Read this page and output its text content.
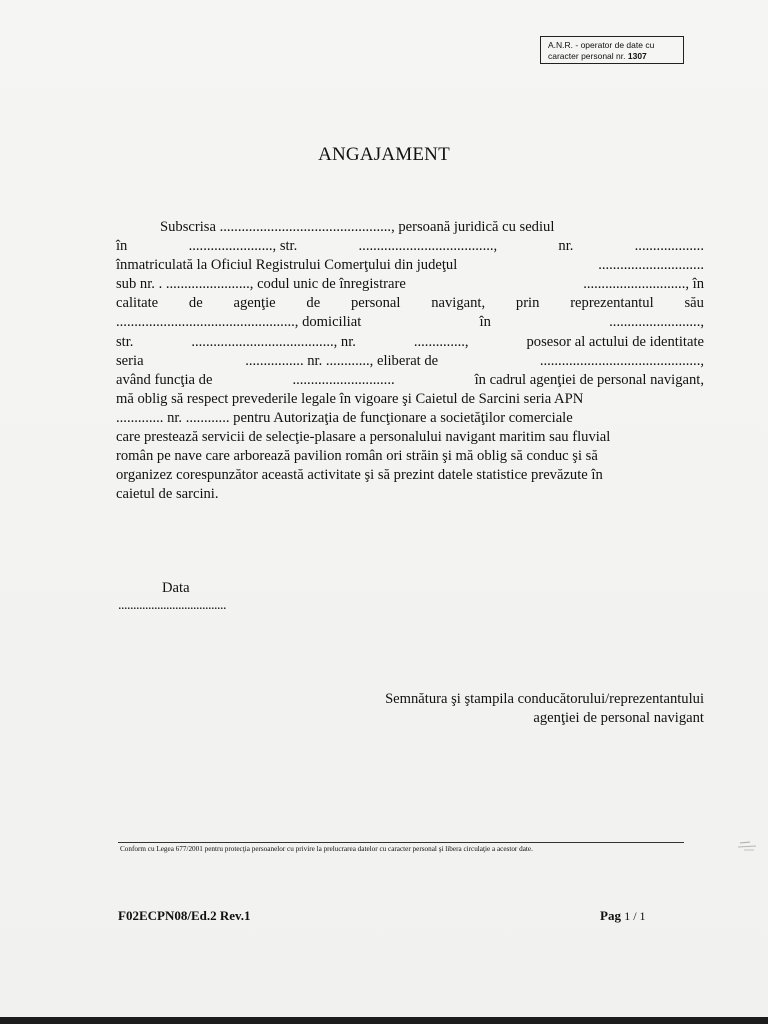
A.N.R. - operator de date cu
caracter personal nr. 1307
ANGAJAMENT
Subscrisa ..............................................., persoană juridică cu sediul
în	......................., str.	.....................................,	nr.	...................
înmatriculată la Oficiul Registrului Comerţului din judeţul	.............................
sub nr. . ......................., codul unic de înregistrare	............................, în
calitate de agenţie de personal navigant, prin reprezentantul său
................................................., domiciliat	în	.........................,
str.	......................................., nr.	..............,	posesor al actului de identitate
seria	................ nr. ............, eliberat de	............................................,
având funcţia de	............................	în cadrul agenţiei de personal navigant,
mă oblig să respect prevederile legale în vigoare şi Caietul de Sarcini seria APN
............. nr. ............ pentru Autorizaţia de funcţionare a societăţilor comerciale
care prestează servicii de selecţie-plasare a personalului navigant maritim sau fluvial
român pe nave care arborează pavilion român ori străin şi mă oblig să conduc şi să
organizez corespunzător această activitate şi să prezint datele statistice prevăzute în
caietul de sarcini.
Data
....................................
Semnătura şi ştampila conducătorului/reprezentantului
agenţiei de personal navigant
Conform cu Legea 677/2001 pentru protecţia persoanelor cu privire la prelucrarea datelor cu caracter personal şi libera circulaţie a acestor date.
F02ECPN08/Ed.2 Rev.1	Pag 1 / 1
